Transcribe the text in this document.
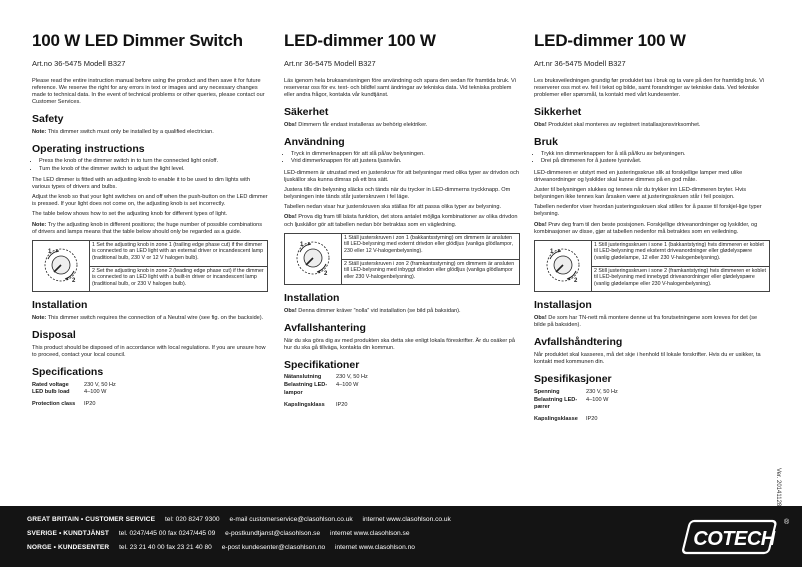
100 W LED Dimmer Switch
Art.no 36-5475 Modell B327

Please read the entire instruction manual before using the product and then save it for future reference. We reserve the right for any errors in text or images and any necessary changes made to technical data. In the event of technical problems or other queries, please contact our Customer Services.

Safety

Note: This dimmer switch must only be installed by a qualified electrician.

Operating instructions
• Press the knob of the dimmer switch in to turn the connected light on/off.
• Turn the knob of the dimmer switch to adjust the light level.

The LED dimmer is fitted with an adjusting knob to enable it to be used to dim lights with various types of drivers and bulbs.

Adjust the knob so that your light switches on and off when the push-button on the LED dimmer is pressed. If your light does not come on, the adjusting knob is set incorrectly.

The table below shows how to set the adjusting knob for different types of light.

Note: Try the adjusting knob in different positions; the huge number of possible combinations of drivers and lamps means that the table below should only be regarded as a guide.

1
2
	1 Set the adjusting knob in zone 1 (trailing edge phase cut) if the dimmer is connected to an LED light with an external driver or incandescent lamp (traditional bulb, 230 V or 12 V halogen bulb).
2 Set the adjusting knob in zone 2 (leading edge phase cut) if the dimmer is connected to an LED light with a built-in driver or incandescent lamp (traditional bulb, or 230 V halogen bulb).
Installation

Note: This dimmer switch requires the connection of a Neutral wire (see fig. on the backside).

Disposal

This product should be disposed of in accordance with local regulations. If you are unsure how to proceed, contact your local council.

Specifications
Rated voltage	230 V, 50 Hz
LED bulb load	4–100 W
Protection class	IP20
LED-dimmer 100 W
Art.nr 36-5475 Modell B327

Läs igenom hela bruksanvisningen före användning och spara den sedan för framtida bruk. Vi reserverar oss för ev. text- och bildfel samt ändringar av tekniska data. Vid tekniska problem eller andra frågor, kontakta vår kundtjänst.

Säkerhet

Obs! Dimmern får endast installeras av behörig elektriker.

Användning
• Tryck in dimmerknappen för att slå på/av belysningen.
• Vrid dimmerknappen för att justera ljusnivån.

LED-dimmern är utrustad med en justerskruv för att belysningar med olika typer av drivdon och ljuskällor ska kunna dimras på ett bra sätt.

Justera tills din belysning släcks och tänds när du trycker in LED-dimmerns tryckknapp. Om belysningen inte tänds står justerskruven i fel läge.

Tabellen nedan visar hur justerskruven ska ställas för att passa olika typer av belysning.

Obs! Prova dig fram till bästa funktion, det stora antalet möjliga kombinationer av olika drivdon och ljuskällor gör att tabellen nedan bör betraktas som en vägledning.

1
2
	1 Ställ justerskruven i zon 1 (bakkantsstyrning) om dimmern är ansluten till LED-belysning med externt drivdon eller glödljus (vanliga glödlampor, 230 eller 12 V-halogenbelysning).
2 Ställ justerskruven i zon 2 (framkantsstyrning) om dimmern är ansluten till LED-belysning med inbyggt drivdon eller glödljus (vanliga glödlampor eller 230 V-halogenbelysning).
Installation

Obs! Denna dimmer kräver ”nolla” vid installation (se bild på baksidan).

Avfallshantering

När du ska göra dig av med produkten ska detta ske enligt lokala föreskrifter. Är du osäker på hur du ska gå tillväga, kontakta din kommun.

Specifikationer
Nätanslutning	230 V, 50 Hz
Belastning LED-lampor
4–100 W
Kapslingsklass	IP20
LED-dimmer 100 W
Art.nr 36-5475 Modell B327

Les bruksveiledningen grundig før produktet tas i bruk og ta vare på den for framtidig bruk. Vi reserverer oss mot ev. feil i tekst og bilde, samt forandringer av tekniske data. Ved tekniske problemer eller spørsmål, ta kontakt med vårt kundesenter.

Sikkerhet

Obs! Produktet skal monteres av registrert installasjonsvirksomhet.

Bruk
• Trykk inn dimmerknappen for å slå på/ikru av belysningen.
• Drei på dimmeren for å justere lysnivået.

LED-dimmeren er utstyrt med en justeringsskrue slik at forskjellige lamper med ulike driveanordninger og lyskilder skal kunne dimmes på en god måte.

Juster til belysningen slukkes og tennes når du trykker inn LED-dimmeren bryter. Hvis belysningen ikke tennes kan årsaken være at justeringsskruen står i feil posisjon.

Tabellen nedenfor viser hvordan justeringsskruen skal stilles for å passe til forskjel-lige typer belysning.

Obs! Prøv deg fram til den beste posisjonen. Forskjellige driveanordninger og lyskilder, og kombinasjoner av disse, gjør at tabellen nedenfor må betraktes som en veiledning.

1
2
	1 Still justeringsskruen i sone 1 (bakkantstyring) hvis dimmeren er koblet til LED-belysning med eksternt driveanordninger eller glødelyspære (vanlig glødelampe, 12 eller 230 V-halogenbelysning).
2 Still justeringsskruen i sone 2 (framkantstyring) hvis dimmeren er koblet til LED-belysning med innebygd driveanordninger eller glødelyspære (vanlig glødelampe eller 230 V-halogenbelysning).
Installasjon

Obs! De som har TN-nett må montere denne ut fra forutsetningene som kreves for det (se bilde på baksiden).

Avfallshåndtering

Når produktet skal kasseres, må det skje i henhold til lokale forskrifter. Hvis du er usikker, ta kontakt med kommunen din.

Spesifikasjoner
Spenning	230 V, 50 Hz
Belastning LED-pærer
4–100 W
Kapslingsklasse	IP20
Ver. 20141128
GREAT BRITAIN • CUSTOMER SERVICE tel: 020 8247 9300 e-mail customerservice@clasohlson.co.uk internet www.clasohlson.co.uk
SVERIGE • KUNDTJÄNST tel. 0247/445 00 fax 0247/445 09 e-postkundtjanst@clasohlson.se internet www.clasohlson.se
NORGE • KUNDESENTER tel. 23 21 40 00 fax 23 21 40 80 e-post kundesenter@clasohlson.no internet www.clasohlson.no	COTECH
®
